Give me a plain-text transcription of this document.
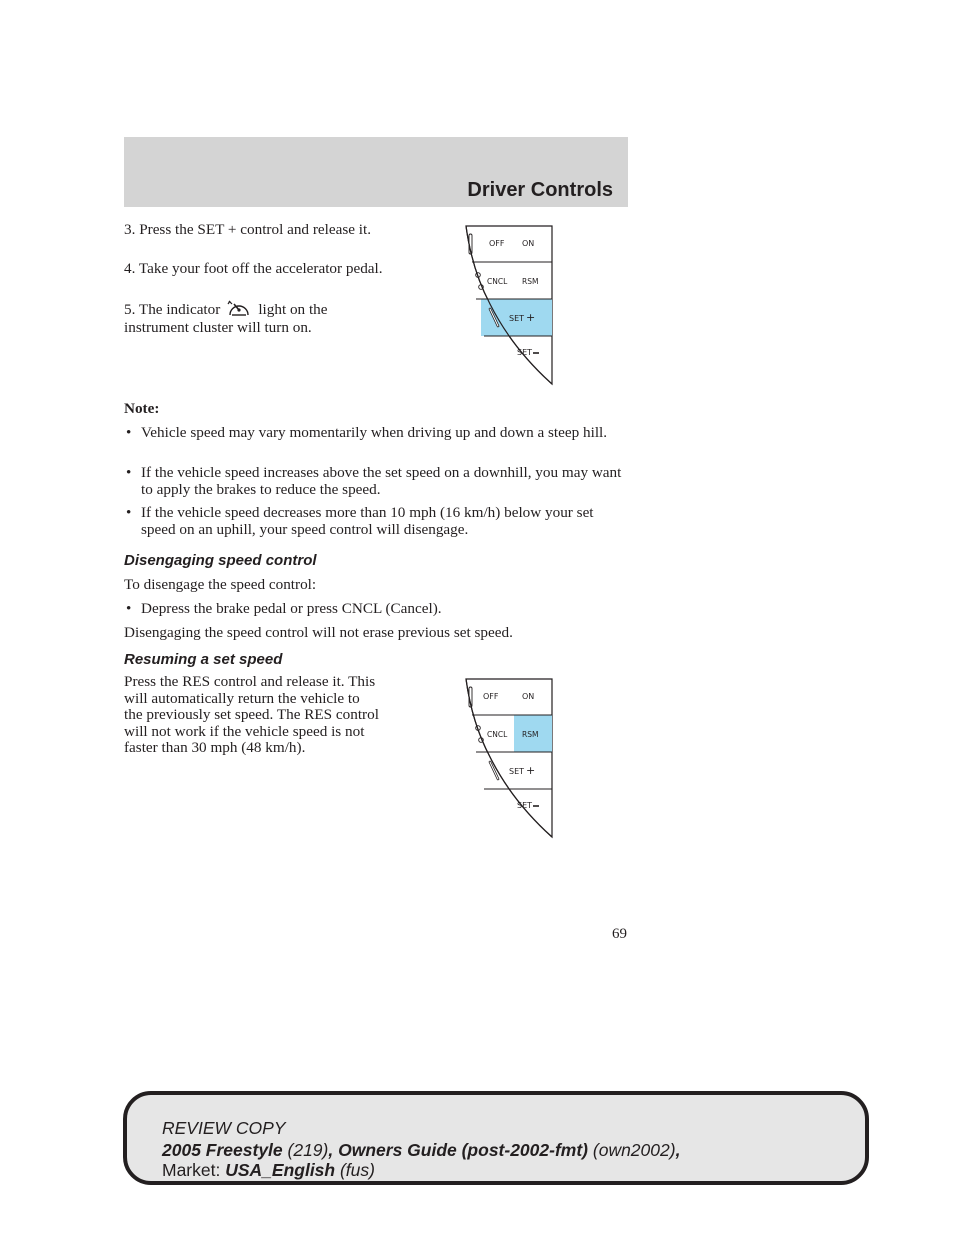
Driver Controls

3. Press the SET + control and release it.

4. Take your foot off the accelerator pedal.

5. The indicator	light on the instrument cluster will turn on.

OFF ON
CNCL RSM
SET +
SET
Note:
• Vehicle speed may vary momentarily when driving up and down a steep hill.
• If the vehicle speed increases above the set speed on a downhill, you may want to apply the brakes to reduce the speed.
• If the vehicle speed decreases more than 10 mph (16 km/h) below your set speed on an uphill, your speed control will disengage.
Disengaging speed control

To disengage the speed control:

• Depress the brake pedal or press CNCL (Cancel).

Disengaging the speed control will not erase previous set speed.

Resuming a set speed

Press the RES control and release it. This will automatically return the vehicle to the previously set speed. The RES control will not work if the vehicle speed is not faster than 30 mph (48 km/h).

OFF	ON
CNCL RSM
SET +
SET
69
REVIEW COPY
2005 Freestyle (219), Owners Guide (post-2002-fmt) (own2002),
Market: USA_English (fus)
